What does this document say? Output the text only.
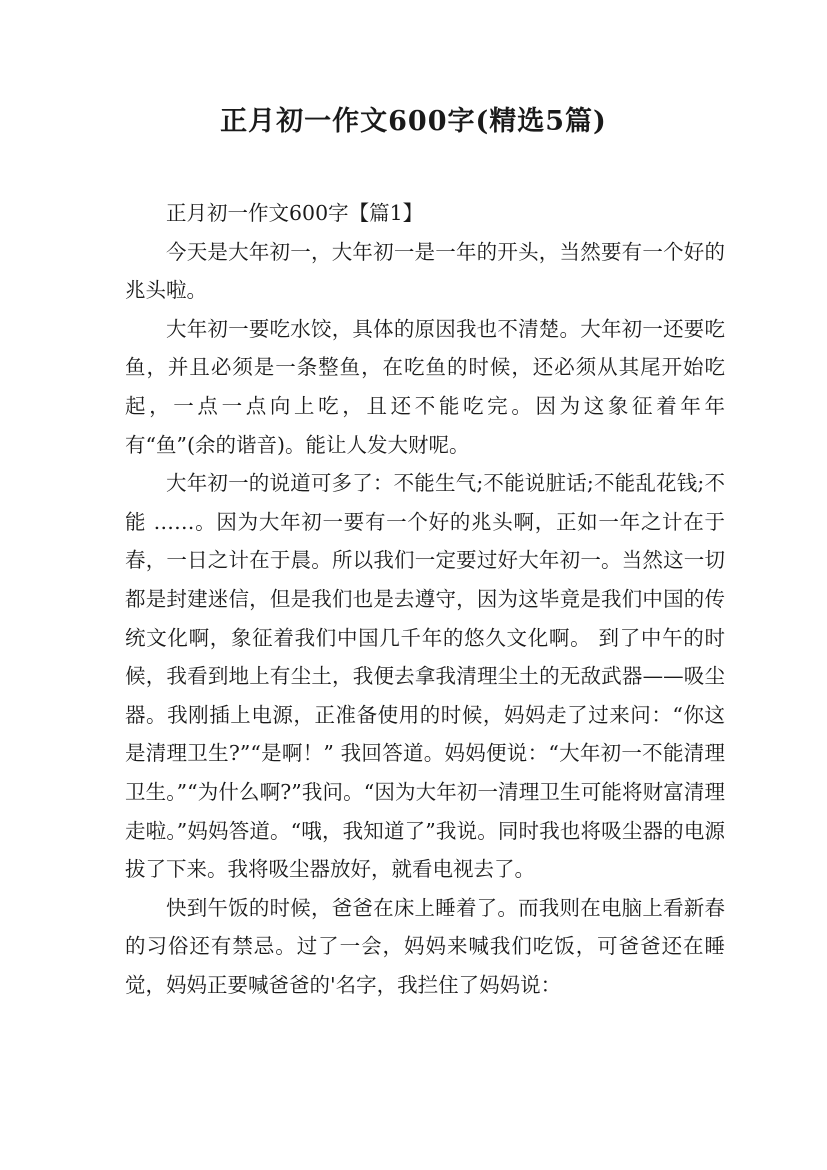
正月初一作文600字(精选5篇)

正月初一作文600字【篇1】

今天是大年初一，大年初一是一年的开头，当然要有一个好的兆头啦。

大年初一要吃水饺，具体的原因我也不清楚。大年初一还要吃鱼，并且必须是一条整鱼，在吃鱼的时候，还必须从其尾开始吃起，一点一点向上吃，且还不能吃完。因为这象征着年年有“鱼”(余的谐音)。能让人发大财呢。

大年初一的说道可多了：不能生气;不能说脏话;不能乱花钱;不能 ……。因为大年初一要有一个好的兆头啊，正如一年之计在于春，一日之计在于晨。所以我们一定要过好大年初一。当然这一切都是封建迷信，但是我们也是去遵守，因为这毕竟是我们中国的传统文化啊，象征着我们中国几千年的悠久文化啊。 到了中午的时候，我看到地上有尘土，我便去拿我清理尘土的无敌武器——吸尘器。我刚插上电源，正准备使用的时候，妈妈走了过来问：“你这是清理卫生?”“是啊！” 我回答道。妈妈便说：“大年初一不能清理卫生。”“为什么啊?”我问。“因为大年初一清理卫生可能将财富清理走啦。”妈妈答道。“哦，我知道了”我说。同时我也将吸尘器的电源拔了下来。我将吸尘器放好，就看电视去了。

快到午饭的时候，爸爸在床上睡着了。而我则在电脑上看新春的习俗还有禁忌。过了一会，妈妈来喊我们吃饭，可爸爸还在睡觉，妈妈正要喊爸爸的'名字，我拦住了妈妈说：
